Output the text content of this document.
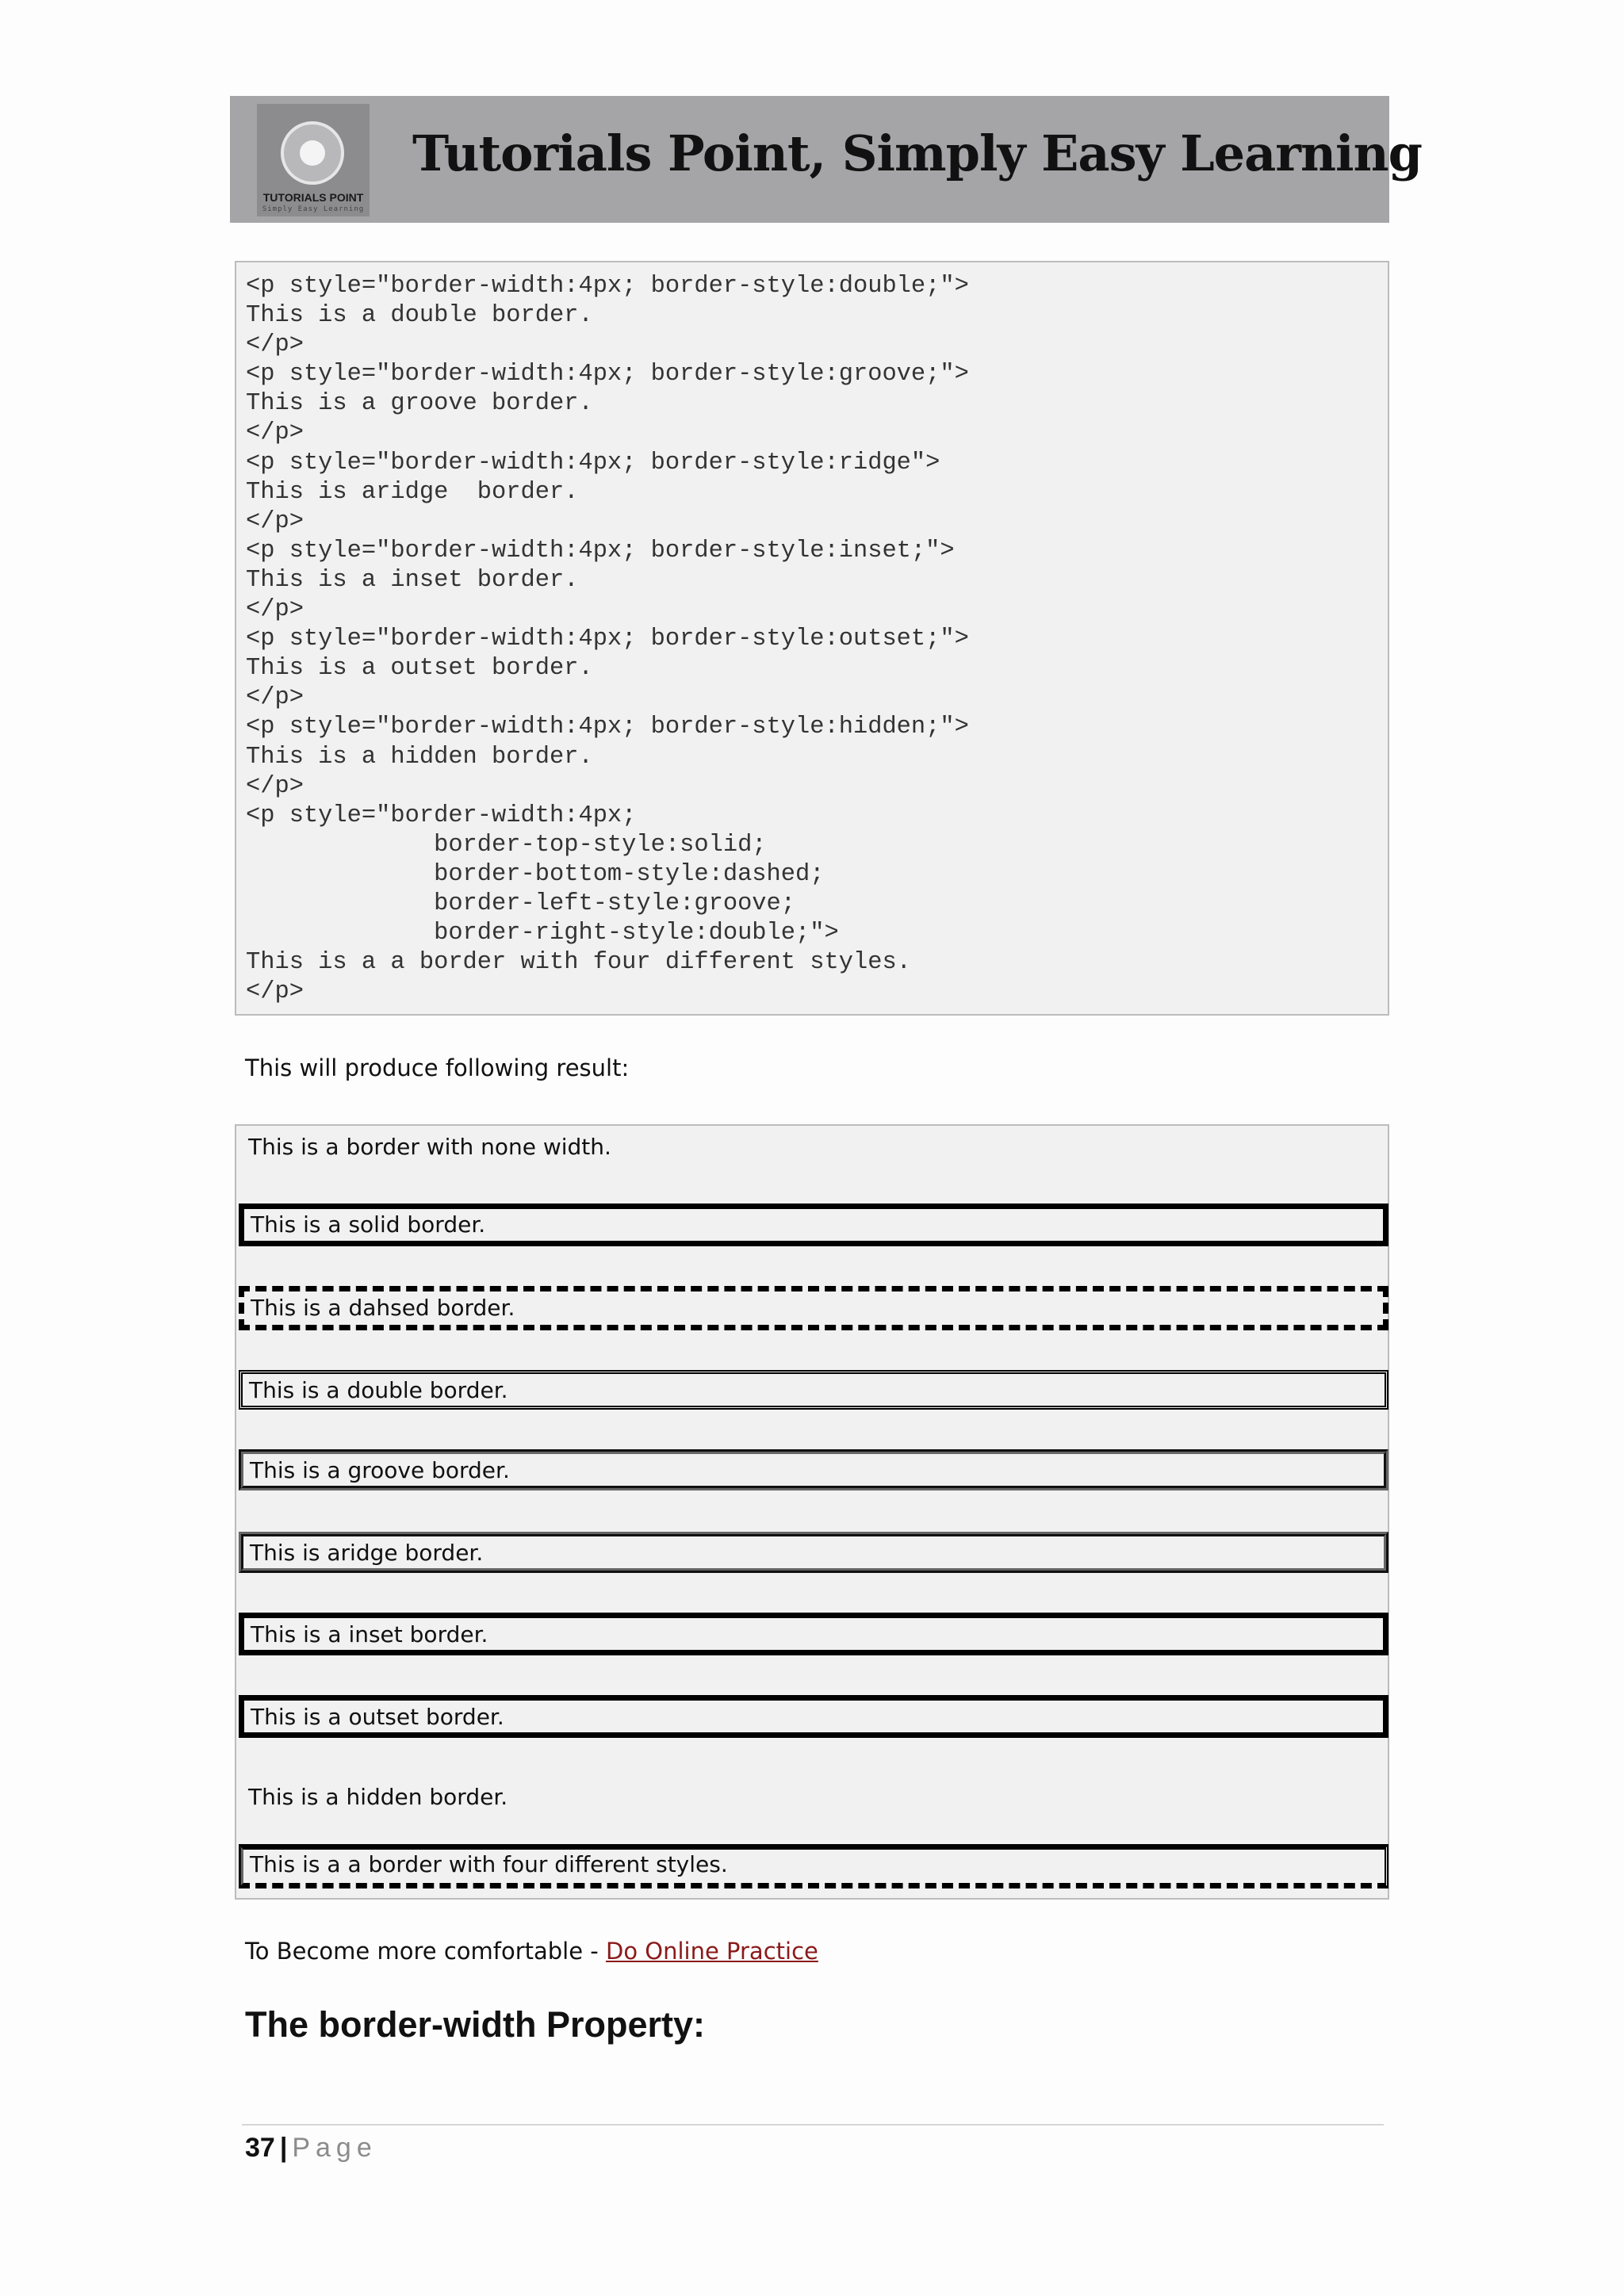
TUTORIALS POINT
Simply Easy Learning
Tutorials Point, Simply Easy Learning
<p style="border-width:4px; border-style:double;">
This is a double border.
</p>
<p style="border-width:4px; border-style:groove;">
This is a groove border.
</p>
<p style="border-width:4px; border-style:ridge">
This is aridge  border.
</p>
<p style="border-width:4px; border-style:inset;">
This is a inset border.
</p>
<p style="border-width:4px; border-style:outset;">
This is a outset border.
</p>
<p style="border-width:4px; border-style:hidden;">
This is a hidden border.
</p>
<p style="border-width:4px;
border-top-style:solid;
border-bottom-style:dashed;
border-left-style:groove;
border-right-style:double;">
This is a a border with four different styles.
</p>
This will produce following result:
This is a border with none width.
This is a solid border.
This is a dahsed border.
This is a double border.
This is a groove border.
This is aridge border.
This is a inset border.
This is a outset border.
This is a hidden border.
This is a a border with four different styles.
To Become more comfortable - Do Online Practice
The border-width Property:
37 | Page
